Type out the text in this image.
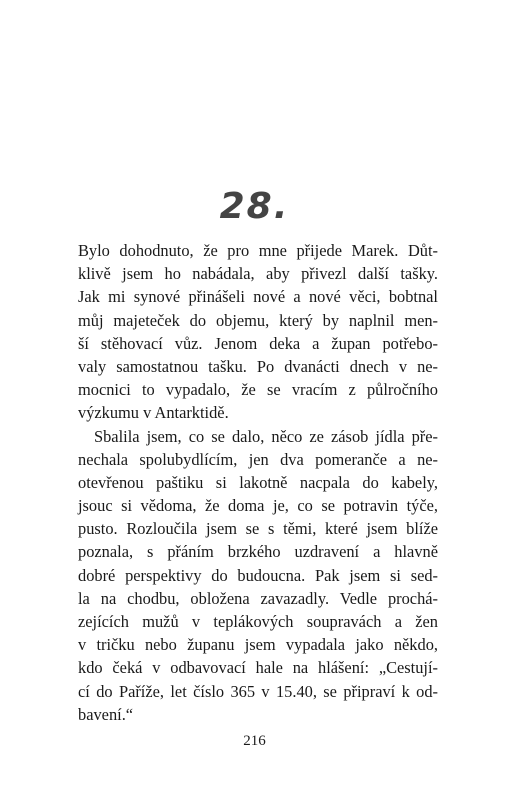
28.
Bylo dohodnuto, že pro mne přijede Marek. Důt-
klivě jsem ho nabádala, aby přivezl další tašky.
Jak mi synové přinášeli nové a nové věci, bobtnal
můj majeteček do objemu, který by naplnil men-
ší stěhovací vůz. Jenom deka a župan potřebo-
valy samostatnou tašku. Po dvanácti dnech v ne-
mocnici to vypadalo, že se vracím z půlročního
výzkumu v Antarktidě.
Sbalila jsem, co se dalo, něco ze zásob jídla pře-
nechala spolubydlícím, jen dva pomeranče a ne-
otevřenou paštiku si lakotně nacpala do kabely,
jsouc si vědoma, že doma je, co se potravin týče,
pusto. Rozloučila jsem se s těmi, které jsem blíže
poznala, s přáním brzkého uzdravení a hlavně
dobré perspektivy do budoucna. Pak jsem si sed-
la na chodbu, obložena zavazadly. Vedle prochá-
zejících mužů v teplákových soupravách a žen
v tričku nebo županu jsem vypadala jako někdo,
kdo čeká v odbavovací hale na hlášení: „Cestují-
cí do Paříže, let číslo 365 v 15.40, se připraví k od-
bavení.“
216
